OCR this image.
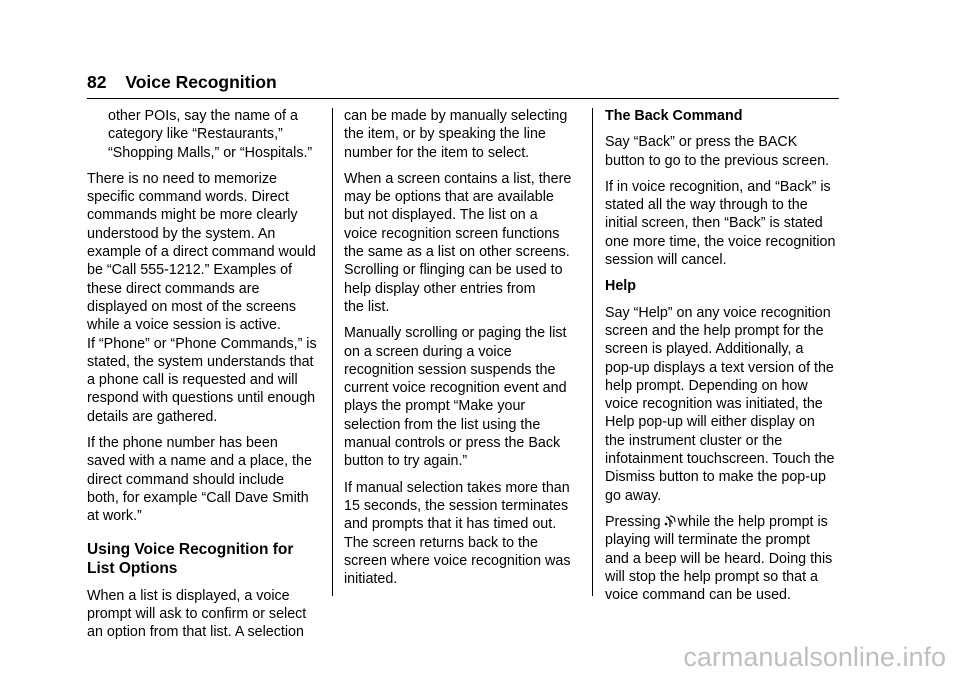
82 Voice Recognition

other POIs, say the name of a
category like “Restaurants,”
“Shopping Malls,” or “Hospitals.”

There is no need to memorize
specific command words. Direct
commands might be more clearly
understood by the system. An
example of a direct command would
be “Call 555-1212.” Examples of
these direct commands are
displayed on most of the screens
while a voice session is active.
If “Phone” or “Phone Commands,” is
stated, the system understands that
a phone call is requested and will
respond with questions until enough
details are gathered.

If the phone number has been
saved with a name and a place, the
direct command should include
both, for example “Call Dave Smith
at work.”

Using Voice Recognition for
List Options

When a list is displayed, a voice
prompt will ask to confirm or select
an option from that list. A selection

can be made by manually selecting
the item, or by speaking the line
number for the item to select.

When a screen contains a list, there
may be options that are available
but not displayed. The list on a
voice recognition screen functions
the same as a list on other screens.
Scrolling or flinging can be used to
help display other entries from
the list.

Manually scrolling or paging the list
on a screen during a voice
recognition session suspends the
current voice recognition event and
plays the prompt “Make your
selection from the list using the
manual controls or press the Back
button to try again.”

If manual selection takes more than
15 seconds, the session terminates
and prompts that it has timed out.
The screen returns back to the
screen where voice recognition was
initiated.

The Back Command

Say “Back” or press the BACK
button to go to the previous screen.

If in voice recognition, and “Back” is
stated all the way through to the
initial screen, then “Back” is stated
one more time, the voice recognition
session will cancel.

Help

Say “Help” on any voice recognition
screen and the help prompt for the
screen is played. Additionally, a
pop-up displays a text version of the
help prompt. Depending on how
voice recognition was initiated, the
Help pop-up will either display on
the instrument cluster or the
infotainment touchscreen. Touch the
Dismiss button to make the pop-up
go away.

Pressing while the help prompt is
playing will terminate the prompt
and a beep will be heard. Doing this
will stop the help prompt so that a
voice command can be used.

carmanualsonline.info
